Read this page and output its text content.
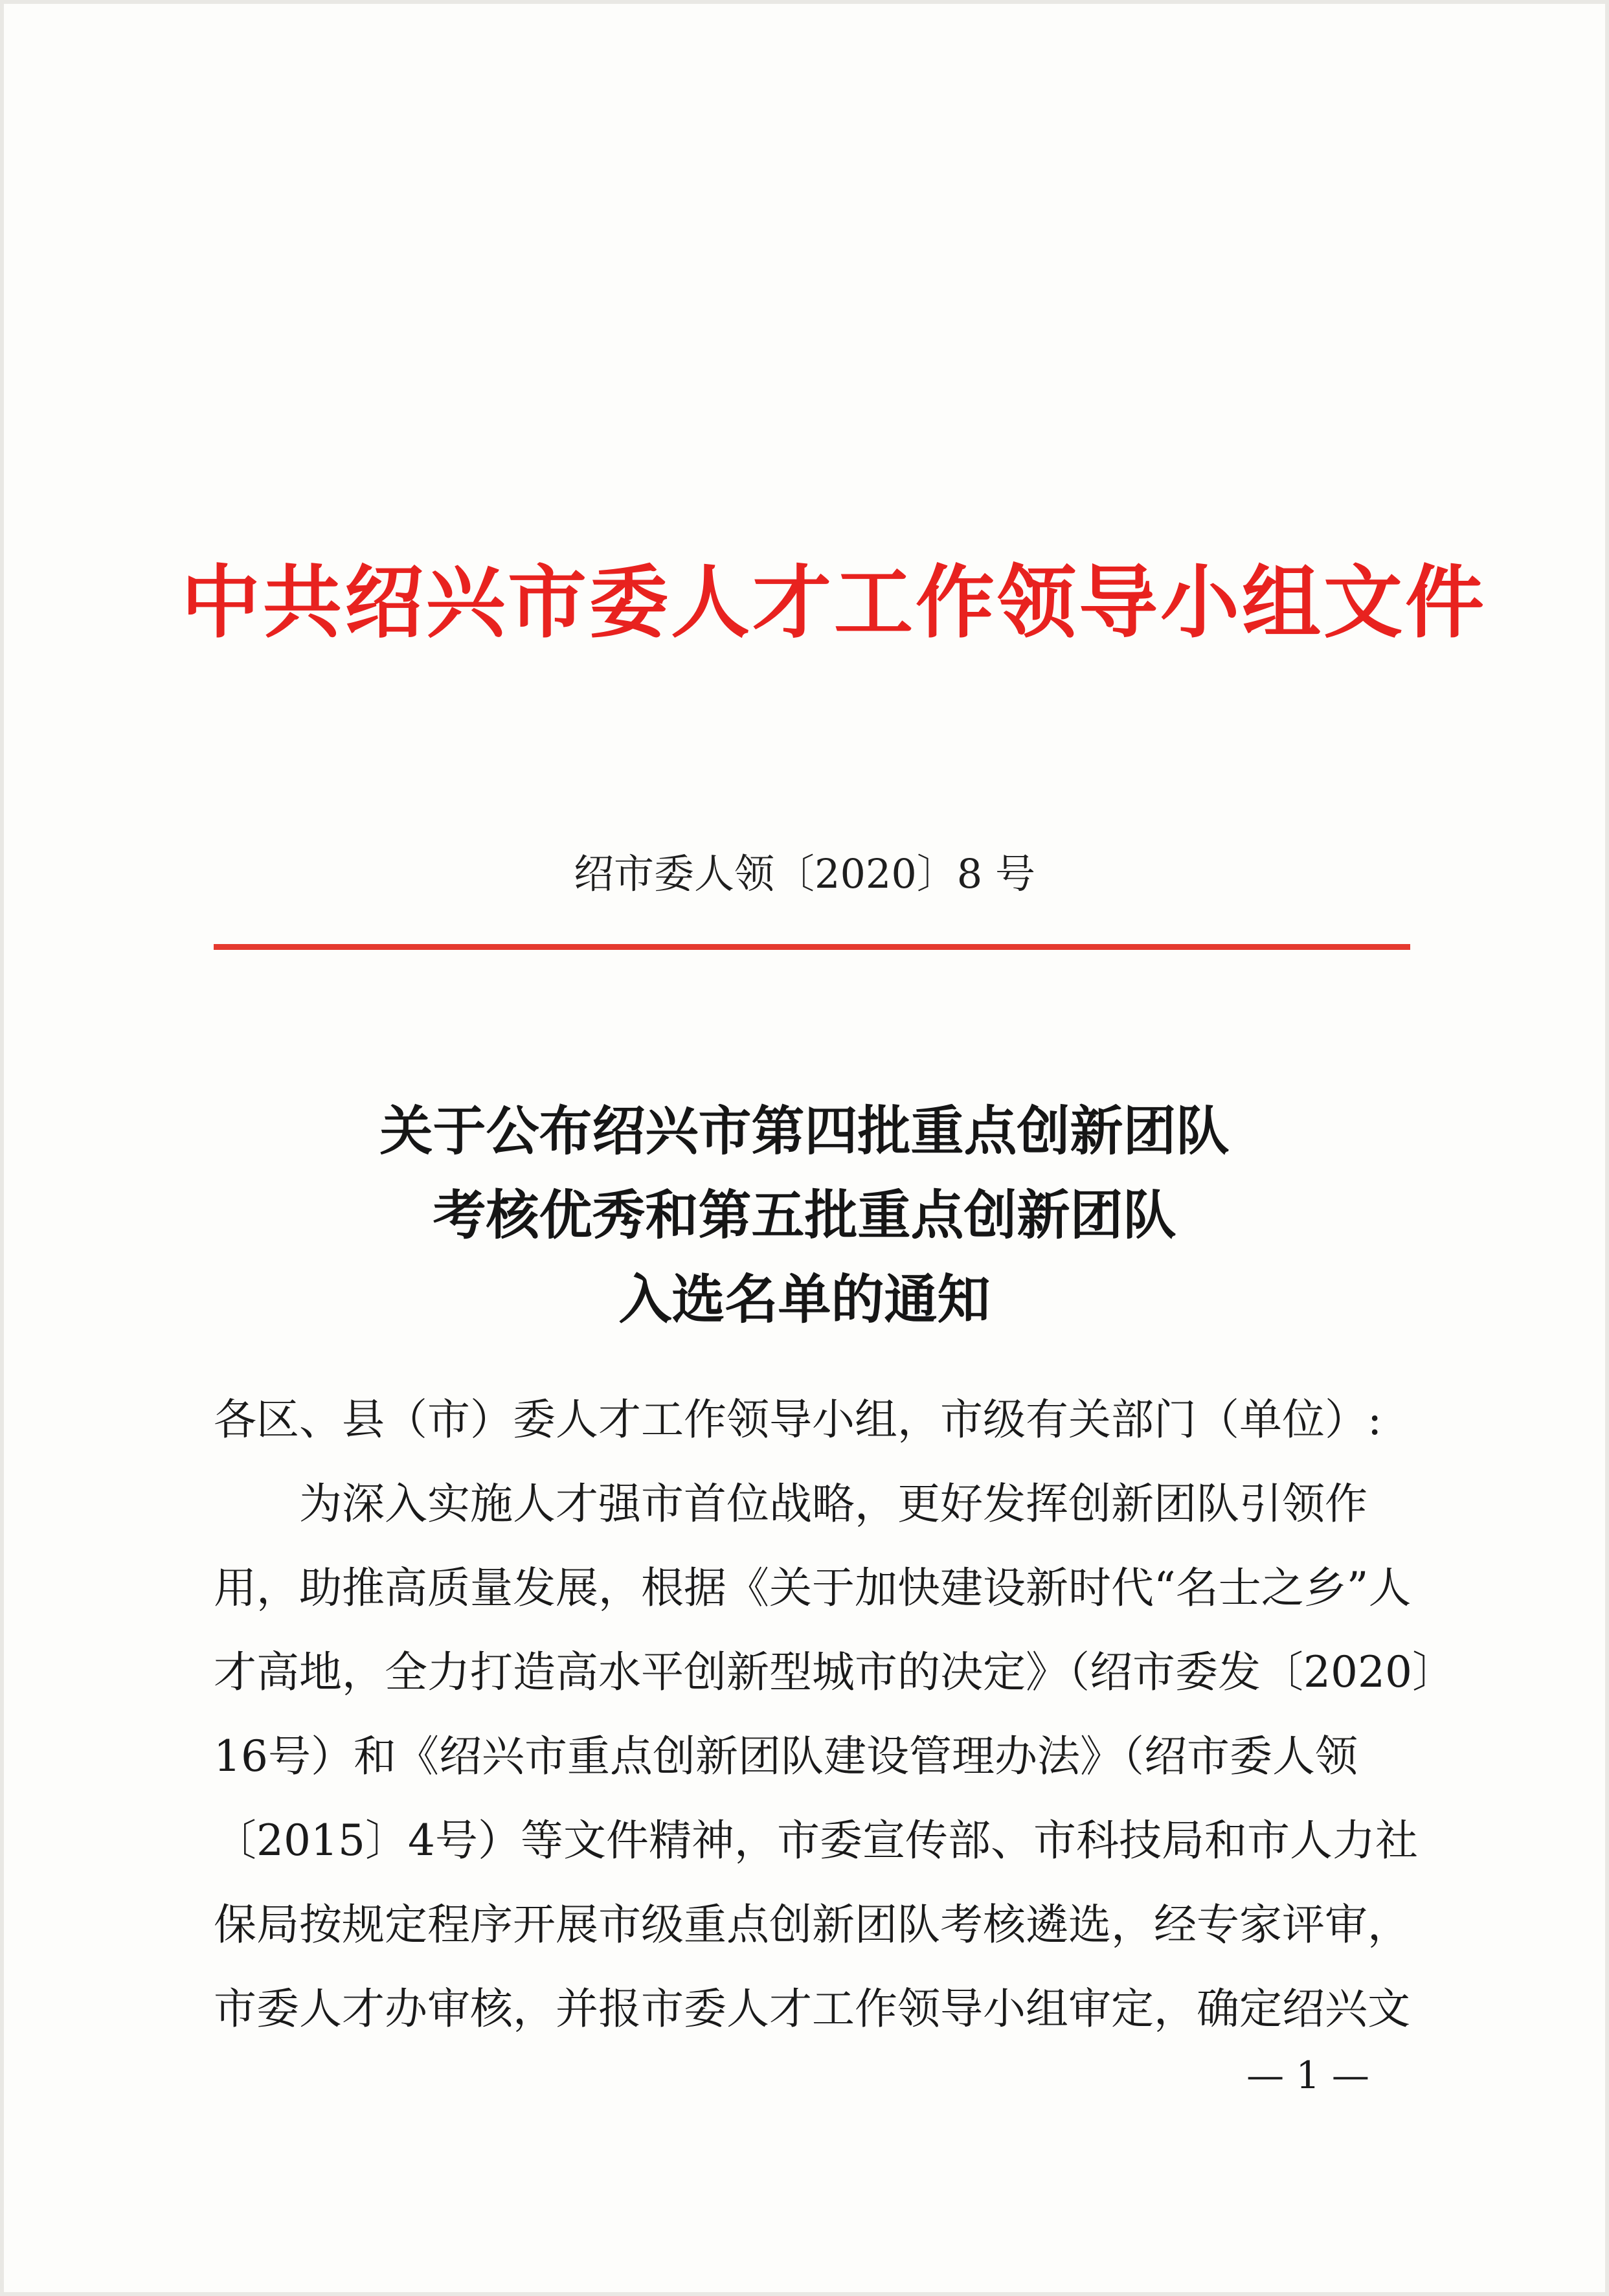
中共绍兴市委人才工作领导小组文件
绍市委人领〔2020〕8 号

关于公布绍兴市第四批重点创新团队

考核优秀和第五批重点创新团队

入选名单的通知

各区、县（市）委人才工作领导小组，市级有关部门（单位）:

　　为深入实施人才强市首位战略，更好发挥创新团队引领作

用，助推高质量发展，根据《关于加快建设新时代“名士之乡”人

才高地，全力打造高水平创新型城市的决定》（绍市委发〔2020〕

16号）和《绍兴市重点创新团队建设管理办法》（绍市委人领

〔2015〕4号）等文件精神，市委宣传部、市科技局和市人力社

保局按规定程序开展市级重点创新团队考核遴选，经专家评审，

市委人才办审核，并报市委人才工作领导小组审定，确定绍兴文

— 1 —
